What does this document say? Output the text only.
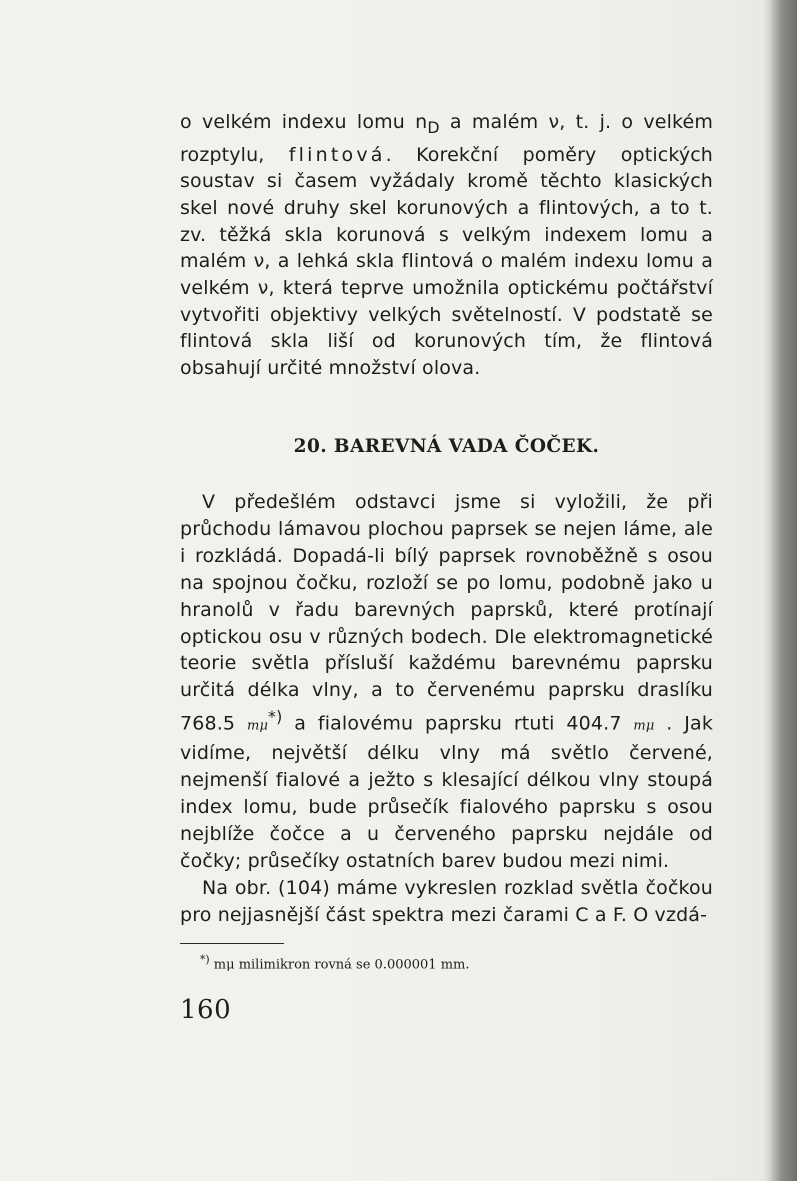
o velkém indexu lomu $n_D$ a malém ν, t. j. o velkém rozptylu, flintová. Korekční poměry optických soustav si časem vyžádaly kromě těchto klasických skel nové druhy skel korunových a flintových, a to t. zv. těžká skla korunová s velkým indexem lomu a malém ν, a lehká skla flintová o malém indexu lomu a velkém ν, která teprve umožnila optickému počtářství vytvořiti objektivy velkých světelností. V podstatě se flintová skla liší od korunových tím, že flintová obsahují určité množství olova.

20. BAREVNÁ VADA ČOČEK.

V předešlém odstavci jsme si vyložili, že při průchodu lámavou plochou paprsek se nejen láme, ale i rozkládá. Dopadá-li bílý paprsek rovnoběžně s osou na spojnou čočku, rozloží se po lomu, podobně jako u hranolů v řadu barevných paprsků, které protínají optickou osu v různých bodech. Dle elektromagnetické teorie světla přísluší každému barevnému paprsku určitá délka vlny, a to červenému paprsku draslíku 768.5 mμ*) a fialovému paprsku rtuti 404.7 mμ . Jak vidíme, největší délku vlny má světlo červené, nejmenší fialové a ježto s klesající délkou vlny stoupá index lomu, bude průsečík fialového paprsku s osou nejblíže čočce a u červeného paprsku nejdále od čočky; průsečíky ostatních barev budou mezi nimi.

Na obr. (104) máme vykreslen rozklad světla čočkou pro nejjasnější část spektra mezi čarami C a F. O vzdá-

*) mμ milimikron rovná se 0.000001 mm.
160
